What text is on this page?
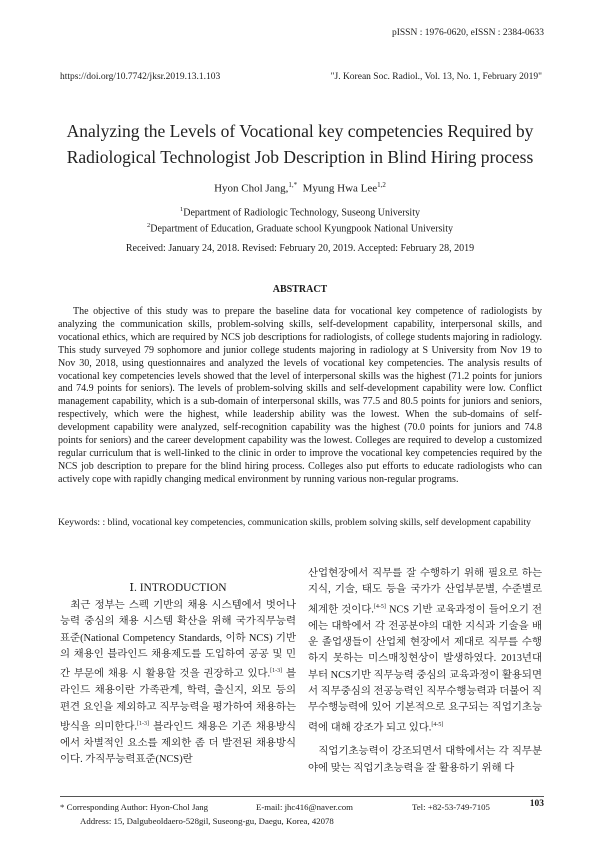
pISSN : 1976-0620, eISSN : 2384-0633
https://doi.org/10.7742/jksr.2019.13.1.103	"J. Korean Soc. Radiol., Vol. 13, No. 1, February 2019"
Analyzing the Levels of Vocational key competencies Required by
Radiological Technologist Job Description in Blind Hiring process
Hyon Chol Jang,$^{1,*}$ Myung Hwa Lee$^{1,2}$
$^1$Department of Radiologic Technology, Suseong University
$^2$Department of Education, Graduate school Kyungpook National University
Received: January 24, 2018. Revised: February 20, 2019. Accepted: February 28, 2019
ABSTRACT
The objective of this study was to prepare the baseline data for vocational key competence of radiologists by analyzing the communication skills, problem-solving skills, self-development capability, interpersonal skills, and vocational ethics, which are required by NCS job descriptions for radiologists, of college students majoring in radiology. This study surveyed 79 sophomore and junior college students majoring in radiology at S University from Nov 19 to Nov 30, 2018, using questionnaires and analyzed the levels of vocational key competencies. The analysis results of vocational key competencies levels showed that the level of interpersonal skills was the highest (71.2 points for juniors and 74.9 points for seniors). The levels of problem-solving skills and self-development capability were low. Conflict management capability, which is a sub-domain of interpersonal skills, was 77.5 and 80.5 points for juniors and seniors, respectively, which were the highest, while leadership ability was the lowest. When the sub-domains of self-development capability were analyzed, self-recognition capability was the highest (70.0 points for juniors and 74.8 points for seniors) and the career development capability was the lowest. Colleges are required to develop a customized regular curriculum that is well-linked to the clinic in order to improve the vocational key competencies required by the NCS job description to prepare for the blind hiring process. Colleges also put efforts to educate radiologists who can actively cope with rapidly changing medical environment by running various non-regular programs.
Keywords: : blind, vocational key competencies, communication skills, problem solving skills, self development capability
Ⅰ. INTRODUCTION
최근 정부는 스펙 기반의 채용 시스템에서 벗어나 능력 중심의 채용 시스템 확산을 위해 국가직무능력표준(National Competency Standards, 이하 NCS) 기반의 채용인 블라인드 채용제도를 도입하여 공공 및 민간 부문에 채용 시 활용할 것을 권장하고 있다.[1-3] 블라인드 채용이란 가족관계, 학력, 출신지, 외모 등의 편견 요인을 제외하고 직무능력을 평가하여 채용하는 방식을 의미한다.[1-3] 블라인드 채용은 기존 채용방식에서 차별적인 요소를 제외한 좀 더 발전된 채용방식이다. 가직무능력표준(NCS)란

산업현장에서 직무를 잘 수행하기 위해 필요로 하는 지식, 기술, 태도 등을 국가가 산업부문별, 수준별로 체계한 것이다.[4-5] NCS 기반 교육과정이 들어오기 전에는 대학에서 각 전공분야의 대한 지식과 기술을 배운 졸업생들이 산업체 현장에서 제대로 직무를 수행하지 못하는 미스매칭현상이 발생하였다. 2013년대부터 NCS기반 직무능력 중심의 교육과정이 활용되면서 직무중심의 전공능력인 직무수행능력과 더불어 직무수행능력에 있어 기본적으로 요구되는 직업기초능력에 대해 강조가 되고 있다.[4-5]

직업기초능력이 강조되면서 대학에서는 각 직무분야에 맞는 직업기초능력을 잘 활용하기 위해 다

* Corresponding Author: Hyon-Chol Jang	E-mail: jhc416@naver.com	Tel: +82-53-749-7105
Address: 15, Dalgubeoldaero-528gil, Suseong-gu, Daegu, Korea, 42078
103
